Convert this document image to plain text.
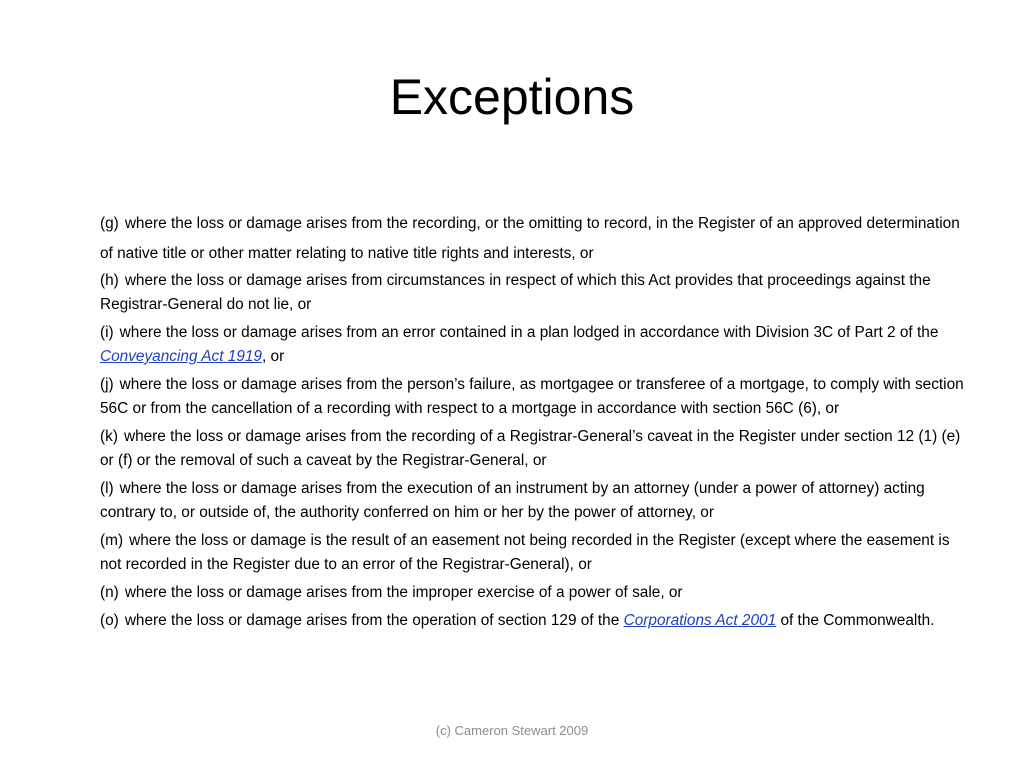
Exceptions

(g) where the loss or damage arises from the recording, or the omitting to record, in the Register of an approved determination of native title or other matter relating to native title rights and interests, or

(h) where the loss or damage arises from circumstances in respect of which this Act provides that proceedings against the Registrar-General do not lie, or

(i) where the loss or damage arises from an error contained in a plan lodged in accordance with Division 3C of Part 2 of the Conveyancing Act 1919, or

(j) where the loss or damage arises from the person’s failure, as mortgagee or transferee of a mortgage, to comply with section 56C or from the cancellation of a recording with respect to a mortgage in accordance with section 56C (6), or

(k) where the loss or damage arises from the recording of a Registrar-General’s caveat in the Register under section 12 (1) (e) or (f) or the removal of such a caveat by the Registrar-General, or

(l) where the loss or damage arises from the execution of an instrument by an attorney (under a power of attorney) acting contrary to, or outside of, the authority conferred on him or her by the power of attorney, or

(m) where the loss or damage is the result of an easement not being recorded in the Register (except where the easement is not recorded in the Register due to an error of the Registrar-General), or

(n) where the loss or damage arises from the improper exercise of a power of sale, or

(o) where the loss or damage arises from the operation of section 129 of the Corporations Act 2001 of the Commonwealth.

(c) Cameron Stewart 2009
